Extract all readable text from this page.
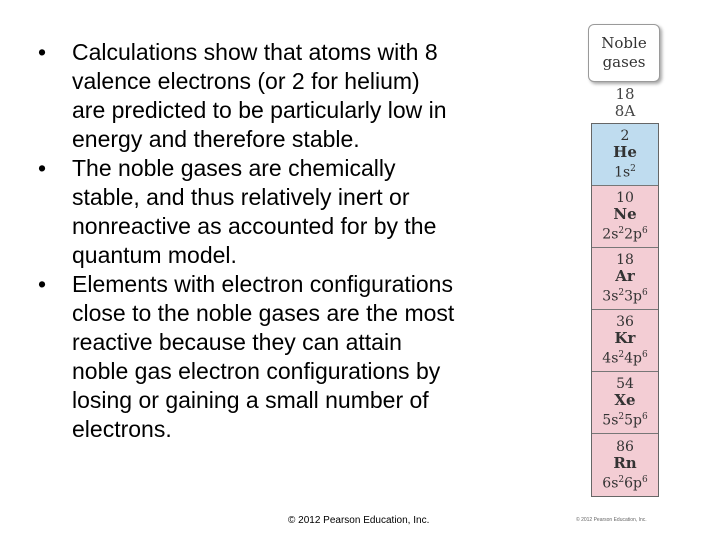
•	Calculations show that atoms with 8 valence electrons (or 2 for helium) are predicted to be particularly low in energy and therefore stable.
•	The noble gases are chemically stable, and thus relatively inert or nonreactive as accounted for by the quantum model.
•	Elements with electron configurations close to the noble gases are the most reactive because they can attain noble gas electron configurations by losing or gaining a small number of electrons.
© 2012 Pearson Education, Inc.
Noble
gases
18
8A
2
He
$1s^2$
10
Ne
$2s^22p^6$
18
Ar
$3s^23p^6$
36
Kr
$4s^24p^6$
54
Xe
$5s^25p^6$
86
Rn
$6s^26p^6$
© 2012 Pearson Education, Inc.
